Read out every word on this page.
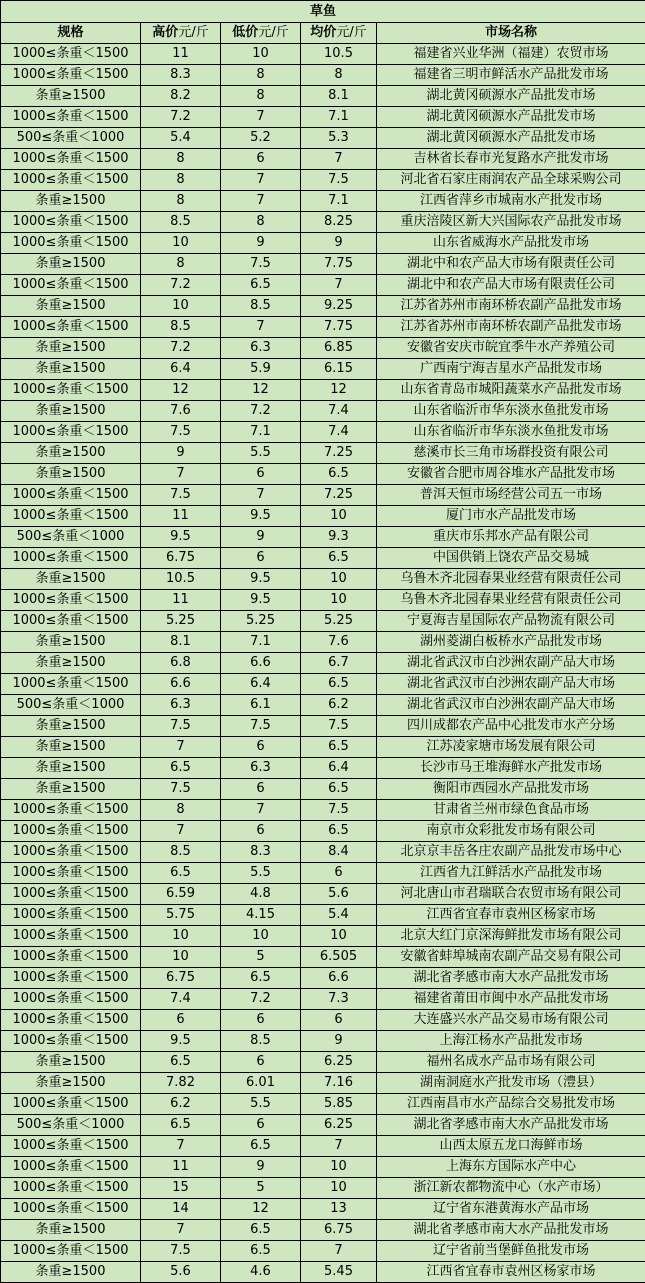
草鱼				
规格	高价元/斤	低价元/斤	均价元/斤	市场名称
1000≤条重＜1500	11	10	10.5	福建省兴业华洲（福建）农贸市场
1000≤条重＜1500	8.3	8	8	福建省三明市鲜活水产品批发市场
条重≥1500	8.2	8	8.1	湖北黄冈硕源水产品批发市场
1000≤条重＜1500	7.2	7	7.1	湖北黄冈硕源水产品批发市场
500≤条重＜1000	5.4	5.2	5.3	湖北黄冈硕源水产品批发市场
1000≤条重＜1500	8	6	7	吉林省长春市光复路水产批发市场
1000≤条重＜1500	8	7	7.5	河北省石家庄雨润农产品全球采购公司
条重≥1500	8	7	7.1	江西省萍乡市城南水产批发市场
1000≤条重＜1500	8.5	8	8.25	重庆涪陵区新大兴国际农产品批发市场
1000≤条重＜1500	10	9	9	山东省威海水产品批发市场
条重≥1500	8	7.5	7.75	湖北中和农产品大市场有限责任公司
1000≤条重＜1500	7.2	6.5	7	湖北中和农产品大市场有限责任公司
条重≥1500	10	8.5	9.25	江苏省苏州市南环桥农副产品批发市场
1000≤条重＜1500	8.5	7	7.75	江苏省苏州市南环桥农副产品批发市场
条重≥1500	7.2	6.3	6.85	安徽省安庆市皖宜季牛水产养殖公司
条重≥1500	6.4	5.9	6.15	广西南宁海吉星水产品批发市场
1000≤条重＜1500	12	12	12	山东省青岛市城阳蔬菜水产品批发市场
条重≥1500	7.6	7.2	7.4	山东省临沂市华东淡水鱼批发市场
1000≤条重＜1500	7.5	7.1	7.4	山东省临沂市华东淡水鱼批发市场
条重≥1500	9	5.5	7.25	慈溪市长三角市场群投资有限公司
条重≥1500	7	6	6.5	安徽省合肥市周谷堆水产品批发市场
1000≤条重＜1500	7.5	7	7.25	普洱天恒市场经营公司五一市场
1000≤条重＜1500	11	9.5	10	厦门市水产品批发市场
500≤条重＜1000	9.5	9	9.3	重庆市乐邦水产品有限公司
1000≤条重＜1500	6.75	6	6.5	中国供销上饶农产品交易城
条重≥1500	10.5	9.5	10	乌鲁木齐北园春果业经营有限责任公司
1000≤条重＜1500	11	9.5	10	乌鲁木齐北园春果业经营有限责任公司
1000≤条重＜1500	5.25	5.25	5.25	宁夏海吉星国际农产品物流有限公司
条重≥1500	8.1	7.1	7.6	湖州菱湖白板桥水产品批发市场
条重≥1500	6.8	6.6	6.7	湖北省武汉市白沙洲农副产品大市场
1000≤条重＜1500	6.6	6.4	6.5	湖北省武汉市白沙洲农副产品大市场
500≤条重＜1000	6.3	6.1	6.2	湖北省武汉市白沙洲农副产品大市场
条重≥1500	7.5	7.5	7.5	四川成都农产品中心批发市水产分场
条重≥1500	7	6	6.5	江苏凌家塘市场发展有限公司
条重≥1500	6.5	6.3	6.4	长沙市马王堆海鲜水产批发市场
条重≥1500	7.5	6	6.5	衡阳市西园水产品批发市场
1000≤条重＜1500	8	7	7.5	甘肃省兰州市绿色食品市场
1000≤条重＜1500	7	6	6.5	南京市众彩批发市场有限公司
1000≤条重＜1500	8.5	8.3	8.4	北京京丰岳各庄农副产品批发市场中心
1000≤条重＜1500	6.5	5.5	6	江西省九江鲜活水产品批发市场
1000≤条重＜1500	6.59	4.8	5.6	河北唐山市君瑞联合农贸市场有限公司
1000≤条重＜1500	5.75	4.15	5.4	江西省宜春市袁州区杨家市场
1000≤条重＜1500	10	10	10	北京大红门京深海鲜批发市场有限公司
1000≤条重＜1500	10	5	6.505	安徽省蚌埠城南农副产品交易有限公司
1000≤条重＜1500	6.75	6.5	6.6	湖北省孝感市南大水产品批发市场
1000≤条重＜1500	7.4	7.2	7.3	福建省莆田市闽中水产品批发市场
1000≤条重＜1500	6	6	6	大连盛兴水产品交易市场有限公司
1000≤条重＜1500	9.5	8.5	9	上海江杨水产品批发市场
条重≥1500	6.5	6	6.25	福州名成水产品市场有限公司
条重≥1500	7.82	6.01	7.16	湖南洞庭水产批发市场（澧县）
1000≤条重＜1500	6.2	5.5	5.85	江西南昌市水产品综合交易批发市场
500≤条重＜1000	6.5	6	6.25	湖北省孝感市南大水产品批发市场
1000≤条重＜1500	7	6.5	7	山西太原五龙口海鲜市场
1000≤条重＜1500	11	9	10	上海东方国际水产中心
1000≤条重＜1500	15	5	10	浙江新农都物流中心（水产市场）
1000≤条重＜1500	14	12	13	辽宁省东港黄海水产品市场
条重≥1500	7	6.5	6.75	湖北省孝感市南大水产品批发市场
1000≤条重＜1500	7.5	6.5	7	辽宁省前当堡鲜鱼批发市场
条重≥1500	5.6	4.6	5.45	江西省宜春市袁州区杨家市场
